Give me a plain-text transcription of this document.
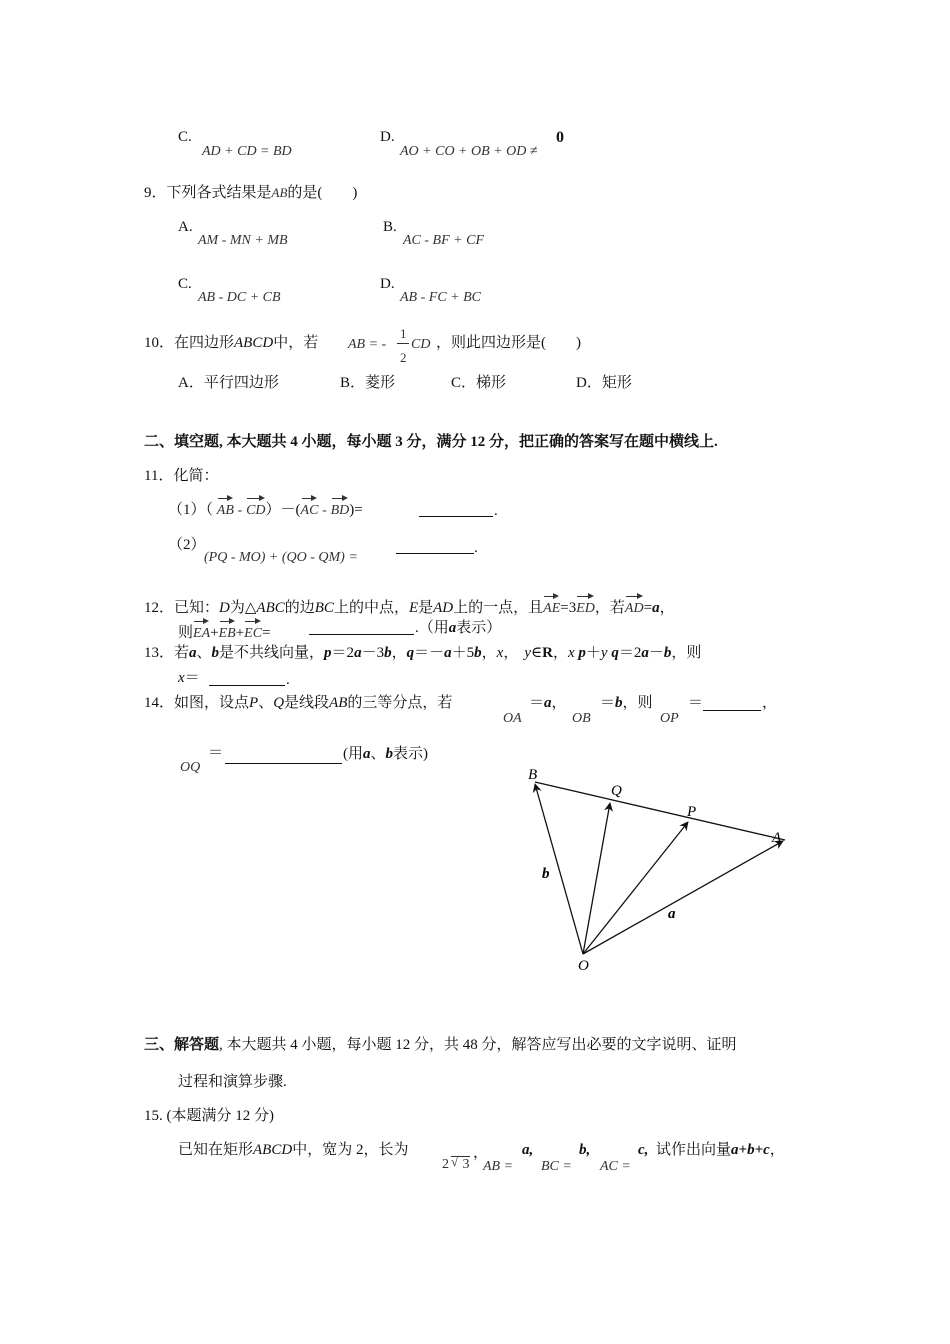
C.
AD + CD = BD
D.
AO + CO + OB + OD ≠
0
9．下列各式结果是AB的是(　　)
A.
AM - MN + MB
B.
AC - BF + CF
C.
AB - DC + CB
D.
AB - FC + BC
10．在四边形ABCD中，若 AB = -
1
2
CD ，则此四边形是(　　)
A．平行四边形	B．菱形	C．梯形	D．矩形
二、填空题, 本大题共 4 小题，每小题 3 分，满分 12 分，把正确的答案写在题中横线上.
11．化简：
（1）（ AB - CD）－(AC - BD)=	.
（2）
(PQ - MO) + (QO - QM) =
.
12．已知：D为△ABC的边BC上的中点，E是AD上的一点，且AE=3ED，若AD=a，
则EA+EB+EC=	.（用a表示）
13．若a、b是不共线向量，p＝2a－3b，q＝－a＋5b，x， y∈R，x p＋y q＝2a－b，则
x＝	.
14．如图，设点P、Q是线段AB的三等分点，若
OA
＝a，
OB
＝b，则
OP
＝	，
OQ
＝	(用a、b表示)
B
Q
P
A
O
a
b
三、解答题, 本大题共 4 小题，每小题 12 分，共 48 分，解答应写出必要的文字说明、证明
过程和演算步骤.
15. (本题满分 12 分)
已知在矩形ABCD中，宽为 2，长为
2 √ 3
，
AB =
a,
BC =
b,
AC =
c, 试作出向量a+b+c，
